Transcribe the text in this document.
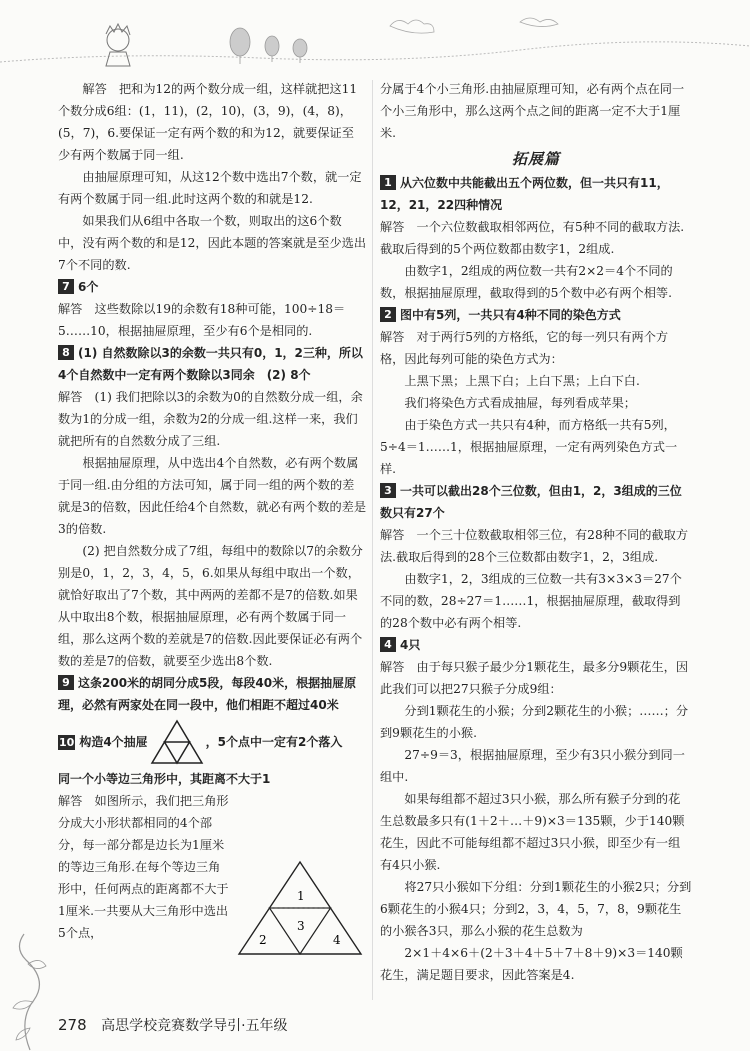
解答　把和为12的两个数分成一组，这样就把这11个数分成6组：(1，11)，(2，10)，(3，9)，(4，8)，(5，7)，6.要保证一定有两个数的和为12，就要保证至少有两个数属于同一组.

由抽屉原理可知，从这12个数中选出7个数，就一定有两个数属于同一组.此时这两个数的和就是12.

如果我们从6组中各取一个数，则取出的这6个数中，没有两个数的和是12，因此本题的答案就是至少选出7个不同的数.

7 6个

解答　这些数除以19的余数有18种可能，100÷18＝5……10，根据抽屉原理，至少有6个是相同的.

8 (1) 自然数除以3的余数一共只有0，1，2三种，所以4个自然数中一定有两个数除以3同余　(2) 8个

解答　(1) 我们把除以3的余数为0的自然数分成一组，余数为1的分成一组，余数为2的分成一组.这样一来，我们就把所有的自然数分成了三组.

根据抽屉原理，从中选出4个自然数，必有两个数属于同一组.由分组的方法可知，属于同一组的两个数的差就是3的倍数，因此任给4个自然数，就必有两个数的差是3的倍数.

(2) 把自然数分成了7组，每组中的数除以7的余数分别是0，1，2，3，4，5，6.如果从每组中取出一个数，就恰好取出了7个数，其中两两的差都不是7的倍数.如果从中取出8个数，根据抽屉原理，必有两个数属于同一组，那么这两个数的差就是7的倍数.因此要保证必有两个数的差是7的倍数，就要至少选出8个数.

9 这条200米的胡同分成5段，每段40米，根据抽屉原理，必然有两家处在同一段中，他们相距不超过40米

10 构造4个抽屉	，5个点中一定有2个落入

同一个小等边三角形中，其距离不大于1

解答　如图所示，我们把三角形分成大小形状都相同的4个部分，每一部分都是边长为1厘米的等边三角形.在每个等边三角形中，任何两点的距离都不大于1厘米.一共要从大三角形中选出5个点，

1
2
3
4

分属于4个小三角形.由抽屉原理可知，必有两个点在同一个小三角形中，那么这两个点之间的距离一定不大于1厘米.

拓展篇

1 从六位数中共能截出五个两位数，但一共只有11，12，21，22四种情况

解答　一个六位数截取相邻两位，有5种不同的截取方法.截取后得到的5个两位数都由数字1，2组成.

由数字1，2组成的两位数一共有2×2＝4个不同的数，根据抽屉原理，截取得到的5个数中必有两个相等.

2 图中有5列，一共只有4种不同的染色方式

解答　对于两行5列的方格纸，它的每一列只有两个方格，因此每列可能的染色方式为：

上黑下黑；上黑下白；上白下黑；上白下白.

我们将染色方式看成抽屉，每列看成苹果；

由于染色方式一共只有4种，而方格纸一共有5列，5÷4＝1……1，根据抽屉原理，一定有两列染色方式一样.

3 一共可以截出28个三位数，但由1，2，3组成的三位数只有27个

解答　一个三十位数截取相邻三位，有28种不同的截取方法.截取后得到的28个三位数都由数字1，2，3组成.

由数字1，2，3组成的三位数一共有3×3×3＝27个不同的数，28÷27＝1……1，根据抽屉原理，截取得到的28个数中必有两个相等.

4 4只

解答　由于每只猴子最少分1颗花生，最多分9颗花生，因此我们可以把27只猴子分成9组：

分到1颗花生的小猴；分到2颗花生的小猴；……；分到9颗花生的小猴.

27÷9＝3，根据抽屉原理，至少有3只小猴分到同一组中.

如果每组都不超过3只小猴，那么所有猴子分到的花生总数最多只有(1＋2＋…＋9)×3＝135颗，少于140颗花生，因此不可能每组都不超过3只小猴，即至少有一组有4只小猴.

将27只小猴如下分组：分到1颗花生的小猴2只；分到6颗花生的小猴4只；分到2，3，4，5，7，8，9颗花生的小猴各3只，那么小猴的花生总数为

2×1＋4×6＋(2＋3＋4＋5＋7＋8＋9)×3＝140颗花生，满足题目要求，因此答案是4.

278 高思学校竞赛数学导引·五年级
